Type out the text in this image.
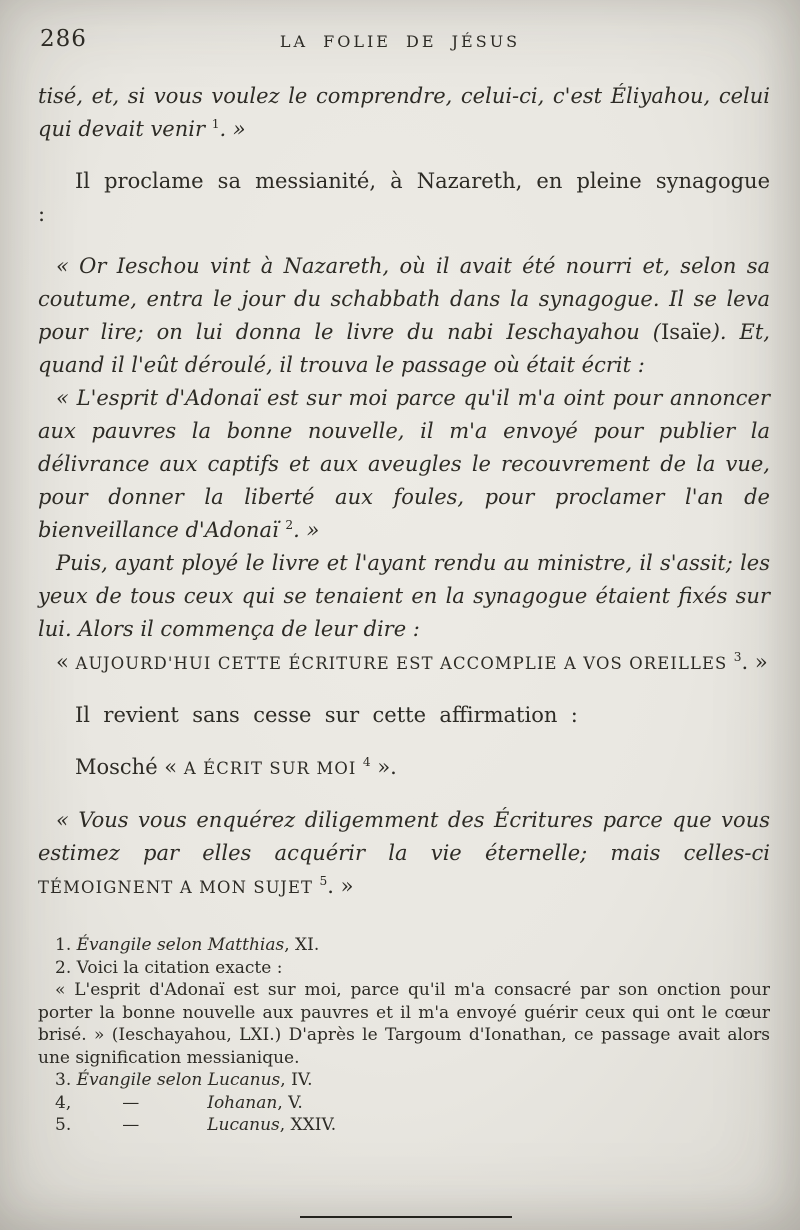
286	LA FOLIE DE JÉSUS

tisé, et, si vous voulez le comprendre, celui-ci, c'est Éliyahou, celui qui devait venir $^1$. »

Il proclame sa messianité, à Nazareth, en pleine synagogue :

« Or Ieschou vint à Nazareth, où il avait été nourri et, selon sa coutume, entra le jour du schabbath dans la synagogue. Il se leva pour lire; on lui donna le livre du nabi Ieschayahou (Isaïe). Et, quand il l'eût déroulé, il trouva le passage où était écrit :

« L'esprit d'Adonaï est sur moi parce qu'il m'a oint pour annoncer aux pauvres la bonne nouvelle, il m'a envoyé pour publier la délivrance aux captifs et aux aveugles le recouvrement de la vue, pour donner la liberté aux foules, pour proclamer l'an de bienveillance d'Adonaï $^2$. »

Puis, ayant ployé le livre et l'ayant rendu au ministre, il s'assit; les yeux de tous ceux qui se tenaient en la synagogue étaient fixés sur lui. Alors il commença de leur dire :

« AUJOURD'HUI CETTE ÉCRITURE EST ACCOMPLIE A VOS OREILLES $^3$. »

Il revient sans cesse sur cette affirmation :

Mosché « A ÉCRIT SUR MOI $^4$ ».

« Vous vous enquérez diligemment des Écritures parce que vous estimez par elles acquérir la vie éternelle; mais celles-ci TÉMOIGNENT A MON SUJET $^5$. »

1. Évangile selon Matthias, XI.

2. Voici la citation exacte :

« L'esprit d'Adonaï est sur moi, parce qu'il m'a consacré par son onction pour porter la bonne nouvelle aux pauvres et il m'a envoyé guérir ceux qui ont le cœur brisé. » (Ieschayahou, LXI.) D'après le Targoum d'Ionathan, ce passage avait alors une signification messianique.

3. Évangile selon Lucanus, IV.

4,   —    Iohanan, V.

5.   —    Lucanus, XXIV.
